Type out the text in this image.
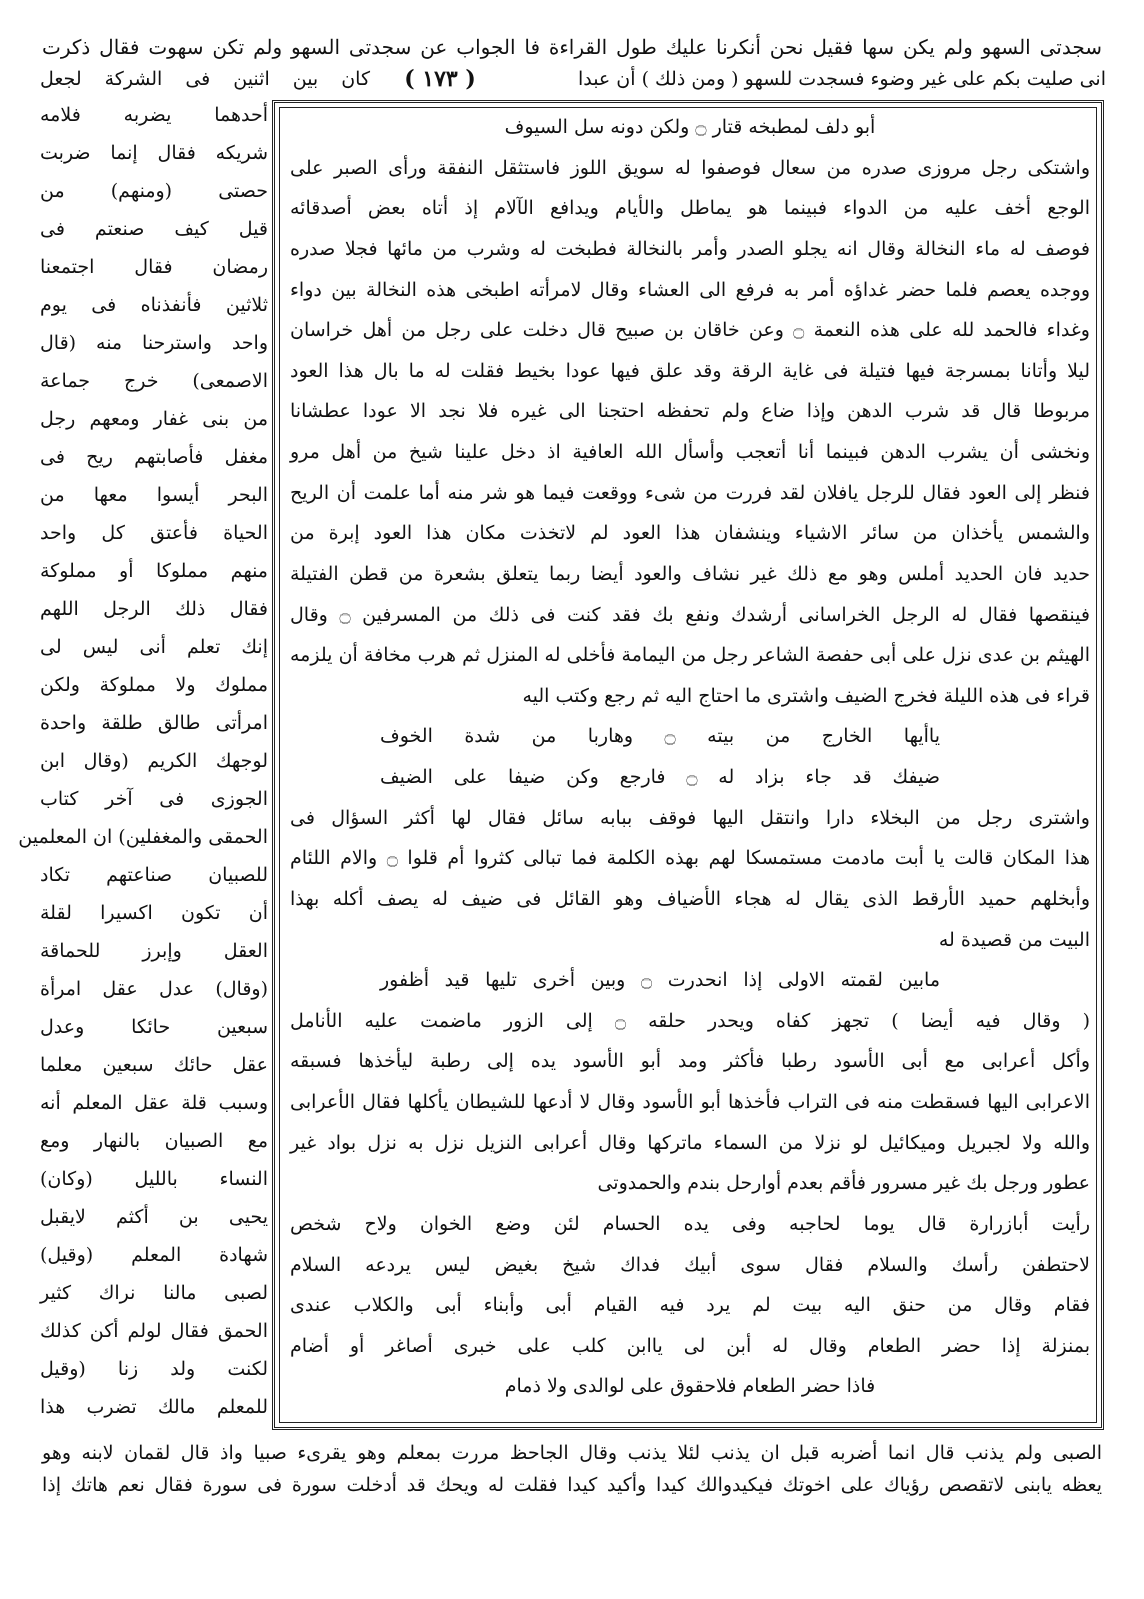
سجدتى السهو ولم يكن سها فقيل نحن أنكرنا عليك طول القراءة فا الجواب عن سجدتى السهو ولم تكن سهوت فقال ذكرت
( ١٧٣ )	انى صليت بكم على غير وضوء فسجدت للسهو ( ومن ذلك ) أن عبدا
كان بين اثنين فى الشركة لجعل
أحدهما يضربه فلامه
شريكه فقال إنما ضربت
حصتى (ومنهم) من
قيل كيف صنعتم فى
رمضان فقال اجتمعنا
ثلاثين فأنفذناه فى يوم
واحد واسترحنا منه (قال
الاصمعى) خرج جماعة
من بنى غفار ومعهم رجل
مغفل فأصابتهم ريح فى
البحر أيسوا معها من
الحياة فأعتق كل واحد
منهم مملوكا أو مملوكة
فقال ذلك الرجل اللهم
إنك تعلم أنى ليس لى
مملوك ولا مملوكة ولكن
امرأتى طالق طلقة واحدة
لوجهك الكريم (وقال ابن
الجوزى فى آخر كتاب
الحمقى والمغفلين) ان المعلمين
للصبيان صناعتهم تكاد
أن تكون اكسيرا لقلة
العقل وإبرز للحماقة
(وقال) عدل عقل امرأة
سبعين حائكا وعدل
عقل حائك سبعين معلما
وسبب قلة عقل المعلم أنه
مع الصبيان بالنهار ومع
النساء بالليل (وكان)
يحيى بن أكثم لايقبل
شهادة المعلم (وقيل)
لصبى مالنا نراك كثير
الحمق فقال لولم أكن كذلك
لكنت ولد زنا (وقيل
للمعلم مالك تضرب هذا
أبو دلف لمطبخه قتار ۝ ولكن دونه سل السيوف
واشتكى رجل مروزى صدره من سعال فوصفوا له سويق اللوز فاستثقل النفقة ورأى الصبر على
الوجع أخف عليه من الدواء فبينما هو يماطل والأيام ويدافع الآلام إذ أتاه بعض أصدقائه
فوصف له ماء النخالة وقال انه يجلو الصدر وأمر بالنخالة فطبخت له وشرب من مائها فجلا صدره
ووجده يعصم فلما حضر غداؤه أمر به فرفع الى العشاء وقال لامرأته اطبخى هذه النخالة بين دواء
وغداء فالحمد لله على هذه النعمة ۝ وعن خاقان بن صبيح قال دخلت على رجل من أهل خراسان
ليلا وأتانا بمسرجة فيها فتيلة فى غاية الرقة وقد علق فيها عودا بخيط فقلت له ما بال هذا العود
مربوطا قال قد شرب الدهن وإذا ضاع ولم تحفظه احتجنا الى غيره فلا نجد الا عودا عطشانا
ونخشى أن يشرب الدهن فبينما أنا أتعجب وأسأل الله العافية اذ دخل علينا شيخ من أهل مرو
فنظر إلى العود فقال للرجل يافلان لقد فررت من شىء ووقعت فيما هو شر منه أما علمت أن الريح
والشمس يأخذان من سائر الاشياء وينشفان هذا العود لم لاتخذت مكان هذا العود إبرة من
حديد فان الحديد أملس وهو مع ذلك غير نشاف والعود أيضا ربما يتعلق بشعرة من قطن الفتيلة
فينقصها فقال له الرجل الخراسانى أرشدك ونفع بك فقد كنت فى ذلك من المسرفين ۝ وقال
الهيثم بن عدى نزل على أبى حفصة الشاعر رجل من اليمامة فأخلى له المنزل ثم هرب مخافة أن يلزمه
قراء فى هذه الليلة فخرج الضيف واشترى ما احتاج اليه ثم رجع وكتب اليه
ياأيها الخارج من بيته ۝ وهاربا من شدة الخوف
ضيفك قد جاء بزاد له ۝ فارجع وكن ضيفا على الضيف
واشترى رجل من البخلاء دارا وانتقل اليها فوقف ببابه سائل فقال لها أكثر السؤال فى
هذا المكان قالت يا أبت مادمت مستمسكا لهم بهذه الكلمة فما تبالى كثروا أم قلوا ۝ والام اللئام
وأبخلهم حميد الأرقط الذى يقال له هجاء الأضياف وهو القائل فى ضيف له يصف أكله بهذا
البيت من قصيدة له
مابين لقمته الاولى إذا انحدرت ۝ وبين أخرى تليها قيد أظفور
( وقال فيه أيضا ) تجهز كفاه ويحدر حلقه ۝ إلى الزور ماضمت عليه الأنامل
وأكل أعرابى مع أبى الأسود رطبا فأكثر ومد أبو الأسود يده إلى رطبة ليأخذها فسبقه
الاعرابى اليها فسقطت منه فى التراب فأخذها أبو الأسود وقال لا أدعها للشيطان يأكلها فقال الأعرابى
والله ولا لجبريل وميكائيل لو نزلا من السماء ماتركها وقال أعرابى النزيل نزل به نزل بواد غير
عطور ورجل بك غير مسرور فأقم بعدم أوارحل بندم والحمدوتى
رأيت أبازرارة قال يوما لحاجبه وفى يده الحسام لئن وضع الخوان ولاح شخص
لاحتطفن رأسك والسلام فقال سوى أبيك فداك شيخ بغيض ليس يردعه السلام
فقام وقال من حنق اليه بيت لم يرد فيه القيام أبى وأبناء أبى والكلاب عندى
بمنزلة إذا حضر الطعام وقال له أبن لى ياابن كلب على خبرى أصاغر أو أضام
فاذا حضر الطعام فلاحقوق على لوالدى ولا ذمام
الصبى ولم يذنب قال انما أضربه قبل ان يذنب لئلا يذنب وقال الجاحظ مررت بمعلم وهو يقرىء صبيا واذ قال لقمان لابنه وهو
يعظه يابنى لاتقصص رؤياك على اخوتك فيكيدوالك كيدا وأكيد كيدا فقلت له ويحك قد أدخلت سورة فى سورة فقال نعم هاتك إذا
